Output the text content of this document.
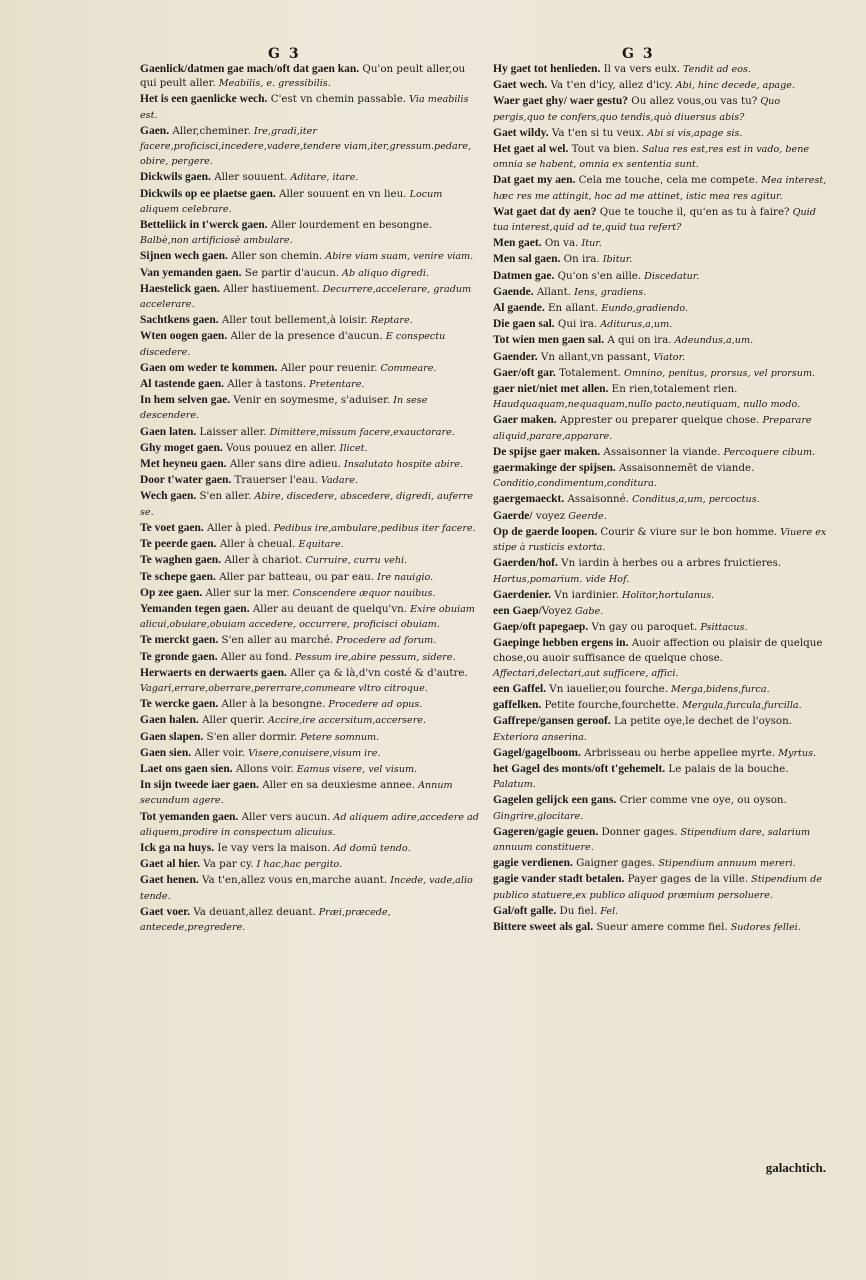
G 3	G 3
Gaenlick/datmen gae mach/oft dat gaen kan. Qu'on peult aller,ou qui peult aller. Meabilis, e. gressibilis.
Het is een gaenlicke wech. C'est vn chemin passable. Via meabilis est.
Gaen. Aller,cheminer. Ire,gradi,iter facere,proficisci,incedere,vadere,tendere viam,iter,gressum.pedare, obire, pergere.
Dickwils gaen. Aller souuent. Aditare, itare.
Dickwils op ee plaetse gaen. Aller souuent en vn lieu. Locum aliquem celebrare.
Betteliick in t'werck gaen. Aller lourdement en besongne. Balbè,non artificiosè ambulare.
Sijnen wech gaen. Aller son chemin. Abire viam suam, venire viam.
Van yemanden gaen. Se partir d'aucun. Ab aliquo digredi.
Haestelick gaen. Aller hastiuement. Decurrere,accelerare, gradum accelerare.
Sachtkens gaen. Aller tout bellement,à loisir. Reptare.
Wten oogen gaen. Aller de la presence d'aucun. E conspectu discedere.
Gaen om weder te kommen. Aller pour reuenir. Commeare.
Al tastende gaen. Aller à tastons. Pretentare.
In hem selven gae. Venir en soymesme, s'aduiser. In sese descendere.
Gaen laten. Laisser aller. Dimittere,missum facere,exauctorare.
Ghy moget gaen. Vous pouuez en aller. Ilicet.
Met heyneu gaen. Aller sans dire adieu. Insalutato hospite abire.
Door t'water gaen. Trauerser l'eau. Vadare.
Wech gaen. S'en aller. Abire, discedere, abscedere, digredi, auferre se.
Te voet gaen. Aller à pied. Pedibus ire,ambulare,pedibus iter facere.
Te peerde gaen. Aller à cheual. Equitare.
Te waghen gaen. Aller à chariot. Curruire, curru vehi.
Te schepe gaen. Aller par batteau, ou par eau. Ire nauigio.
Op zee gaen. Aller sur la mer. Conscendere æquor nauibus.
Yemanden tegen gaen. Aller au deuant de quelqu'vn. Exire obuiam alicui,obuiare,obuiam accedere, occurrere, proficisci obuiam.
Te merckt gaen. S'en aller au marché. Procedere ad forum.
Te gronde gaen. Aller au fond. Pessum ire,abire pessum, sidere.
Herwaerts en derwaerts gaen. Aller ça & là,d'vn costé & d'autre. Vagari,errare,oberrare,pererrare,commeare vltro citroque.
Te wercke gaen. Aller à la besongne. Procedere ad opus.
Gaen halen. Aller querir. Accire,ire accersitum,accersere.
Gaen slapen. S'en aller dormir. Petere somnum.
Gaen sien. Aller voir. Visere,conuisere,visum ire.
Laet ons gaen sien. Allons voir. Eamus visere, vel visum.
In sijn tweede iaer gaen. Aller en sa deuxiesme annee. Annum secundum agere.
Tot yemanden gaen. Aller vers aucun. Ad aliquem adire,accedere ad aliquem,prodire in conspectum alicuius.
Ick ga na huys. Ie vay vers la maison. Ad domū tendo.
Gaet al hier. Va par cy. I hac,hac pergito.
Gaet henen. Va t'en,allez vous en,marche auant. Incede, vade,alio tende.
Gaet voer. Va deuant,allez deuant. Præi,præcede, antecede,pregredere.
Hy gaet tot henlieden. Il va vers eulx. Tendit ad eos.
Gaet wech. Va t'en d'icy, allez d'icy. Abi, hinc decede, apage.
Waer gaet ghy/ waer gestu? Ou allez vous,ou vas tu? Quo pergis,quo te confers,quo tendis,quò diuersus abis?
Gaet wildy. Va t'en si tu veux. Abi si vis,apage sis.
Het gaet al wel. Tout va bien. Salua res est,res est in vado, bene omnia se habent, omnia ex sententia sunt.
Dat gaet my aen. Cela me touche, cela me compete. Mea interest, hæc res me attingit, hoc ad me attinet, istic mea res agitur.
Wat gaet dat dy aen? Que te touche il, qu'en as tu à faire? Quid tua interest,quid ad te,quid tua refert?
Men gaet. On va. Itur.
Men sal gaen. On ira. Ibitur.
Datmen gae. Qu'on s'en aille. Discedatur.
Gaende. Allant. Iens, gradiens.
Al gaende. En allant. Eundo,gradiendo.
Die gaen sal. Qui ira. Aditurus,a,um.
Tot wien men gaen sal. A qui on ira. Adeundus,a,um.
Gaender. Vn allant,vn passant, Viator.
Gaer/oft gar. Totalement. Omnino, penitus, prorsus, vel prorsum.
gaer niet/niet met allen. En rien,totalement rien. Haudquaquam,nequaquam,nullo pacto,neutiquam, nullo modo.
Gaer maken. Apprester ou preparer quelque chose. Preparare aliquid,parare,apparare.
De spijse gaer maken. Assaisonner la viande. Percoquere cibum.
gaermakinge der spijsen. Assaisonnemēt de viande. Conditio,condimentum,conditura.
gaergemaeckt. Assaisonné. Conditus,a,um, percoctus.
Gaerde/ voyez Geerde.
Op de gaerde loopen. Courir & viure sur le bon homme. Viuere ex stipe à rusticis extorta.
Gaerden/hof. Vn iardin à herbes ou a arbres fruictieres. Hortus,pomarium. vide Hof.
Gaerdenier. Vn iardinier. Holitor,hortulanus.
een Gaep/Voyez Gabe.
Gaep/oft papegaep. Vn gay ou paroquet. Psittacus.
Gaepinge hebben ergens in. Auoir affection ou plaisir de quelque chose,ou auoir suffisance de quelque chose. Affectari,delectari,aut sufficere, affici.
een Gaffel. Vn iauelier,ou fourche. Merga,bidens,furca.
gaffelken. Petite fourche,fourchette. Mergula,furcula,furcilla.
Gaffrepe/gansen geroof. La petite oye,le dechet de l'oyson. Exteriora anserina.
Gagel/gagelboom. Arbrisseau ou herbe appellee myrte. Myrtus.
het Gagel des monts/oft t'gehemelt. Le palais de la bouche. Palatum.
Gagelen gelijck een gans. Crier comme vne oye, ou oyson. Gingrire,glocitare.
Gageren/gagie geuen. Donner gages. Stipendium dare, salarium annuum constituere.
gagie verdienen. Gaigner gages. Stipendium annuum mereri.
gagie vander stadt betalen. Payer gages de la ville. Stipendium de publico statuere,ex publico aliquod præmium persoluere.
Gal/oft galle. Du fiel. Fel.
Bittere sweet als gal. Sueur amere comme fiel. Sudores fellei.
galachtich.
